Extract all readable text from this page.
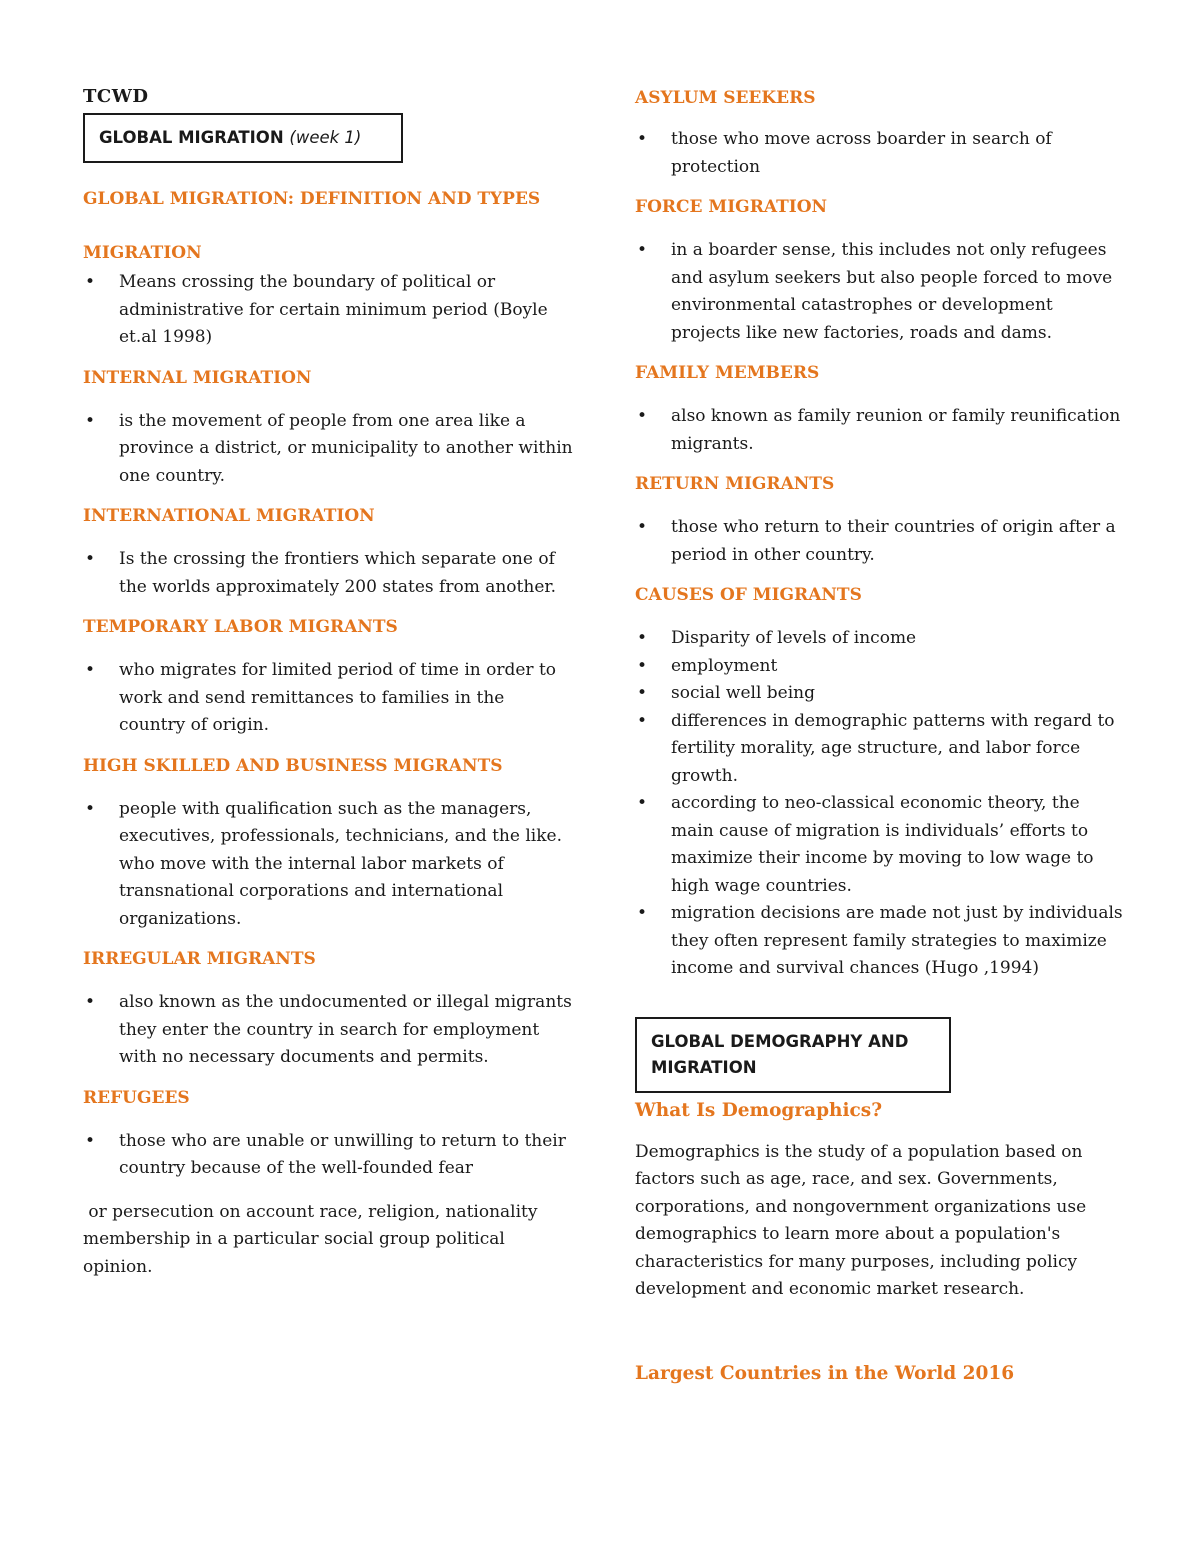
TCWD
GLOBAL MIGRATION (week 1)
GLOBAL MIGRATION: DEFINITION AND TYPES
MIGRATION
• Means crossing the boundary of political or administrative for certain minimum period (Boyle et.al 1998)
INTERNAL MIGRATION
• is the movement of people from one area like a province a district, or municipality to another within one country.
INTERNATIONAL MIGRATION
• Is the crossing the frontiers which separate one of the worlds approximately 200 states from another.
TEMPORARY LABOR MIGRANTS
• who migrates for limited period of time in order to work and send remittances to families in the country of origin.
HIGH SKILLED AND BUSINESS MIGRANTS
• people with qualification such as the managers, executives, professionals, technicians, and the like. who move with the internal labor markets of transnational corporations and international organizations.
IRREGULAR MIGRANTS
• also known as the undocumented or illegal migrants they enter the country in search for employment with no necessary documents and permits.
REFUGEES
• those who are unable or unwilling to return to their country because of the well-founded fear

or persecution on account race, religion, nationality membership in a particular social group political opinion.

ASYLUM SEEKERS
• those who move across boarder in search of protection
FORCE MIGRATION
• in a boarder sense, this includes not only refugees and asylum seekers but also people forced to move environmental catastrophes or development projects like new factories, roads and dams.
FAMILY MEMBERS
• also known as family reunion or family reunification migrants.
RETURN MIGRANTS
• those who return to their countries of origin after a period in other country.
CAUSES OF MIGRANTS
• Disparity of levels of income
• employment
• social well being
• differences in demographic patterns with regard to fertility morality, age structure, and labor force growth.
• according to neo-classical economic theory, the main cause of migration is individuals’ efforts to maximize their income by moving to low wage to high wage countries.
• migration decisions are made not just by individuals they often represent family strategies to maximize income and survival chances (Hugo ,1994)
GLOBAL DEMOGRAPHY AND MIGRATION
What Is Demographics?

Demographics is the study of a population based on factors such as age, race, and sex. Governments, corporations, and nongovernment organizations use demographics to learn more about a population's characteristics for many purposes, including policy development and economic market research.

Largest Countries in the World 2016
